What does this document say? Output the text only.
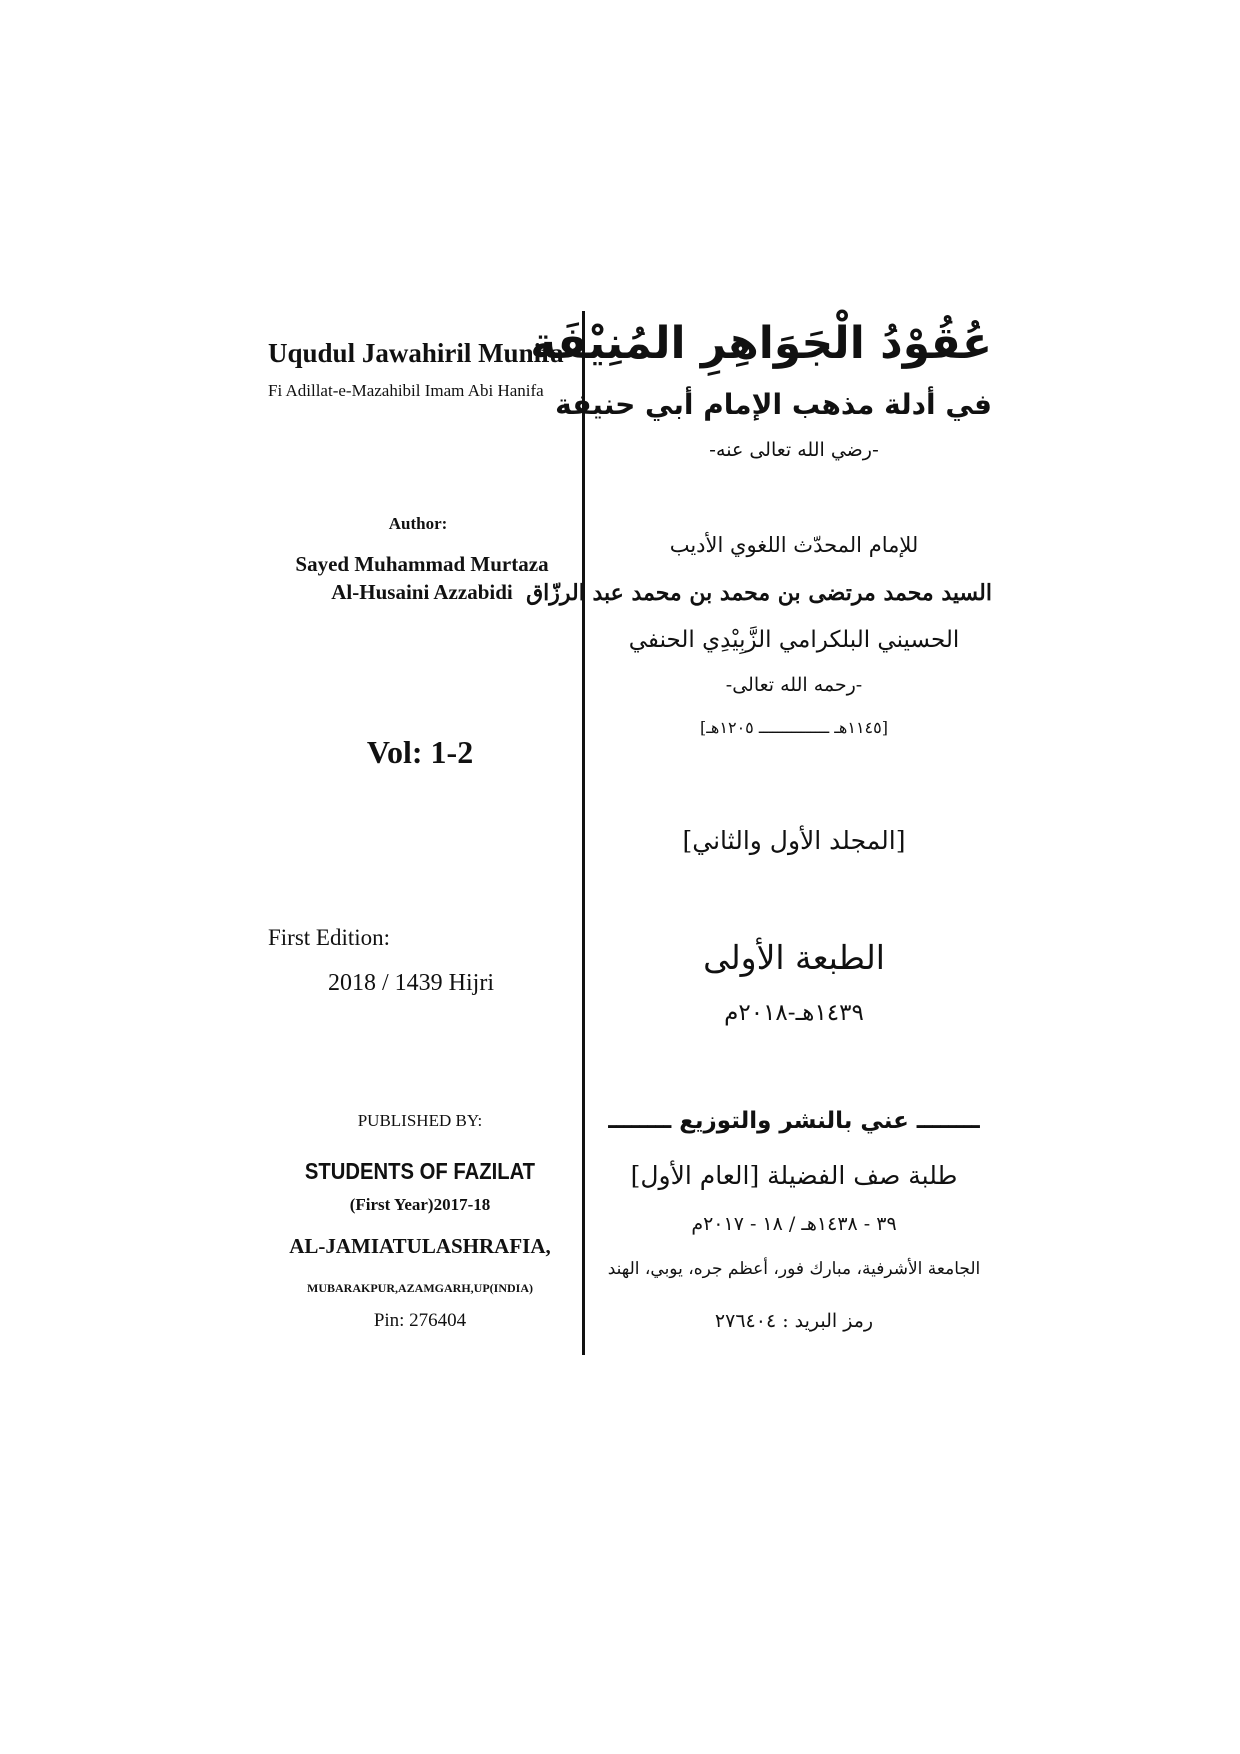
Uqudul Jawahiril Munifa
Fi Adillat-e-Mazahibil Imam Abi Hanifa
Author:
Sayed Muhammad Murtaza
Al-Husaini Azzabidi
Vol: 1-2
First Edition:
2018 / 1439 Hijri
PUBLISHED BY:
STUDENTS OF FAZILAT
(First Year)2017-18
AL-JAMIATULASHRAFIA,
MUBARAKPUR,AZAMGARH,UP(INDIA)
Pin: 276404
عُقُوْدُ الْجَوَاهِرِ المُنِيْفَة
في أدلة مذهب الإمام أبي حنيفة
-رضي الله تعالى عنه-
للإمام المحدّث اللغوي الأديب
السيد محمد مرتضى بن محمد بن محمد عبد الرزّاق
الحسيني البلكرامي الزَّبِيْدِي الحنفي
-رحمه الله تعالى-
[١١٤٥هـ ـــــــــــــــ ١٢٠٥هـ]
[المجلد الأول والثاني]
الطبعة الأولى
١٤٣٩هـ-٢٠١٨م
ــــــــ عني بالنشر والتوزيع ــــــــ
طلبة صف الفضيلة [العام الأول]
٣٩ - ١٤٣٨هـ / ١٨ - ٢٠١٧م
الجامعة الأشرفية، مبارك فور، أعظم جره، يوبي، الهند
رمز البريد : ٢٧٦٤٠٤
